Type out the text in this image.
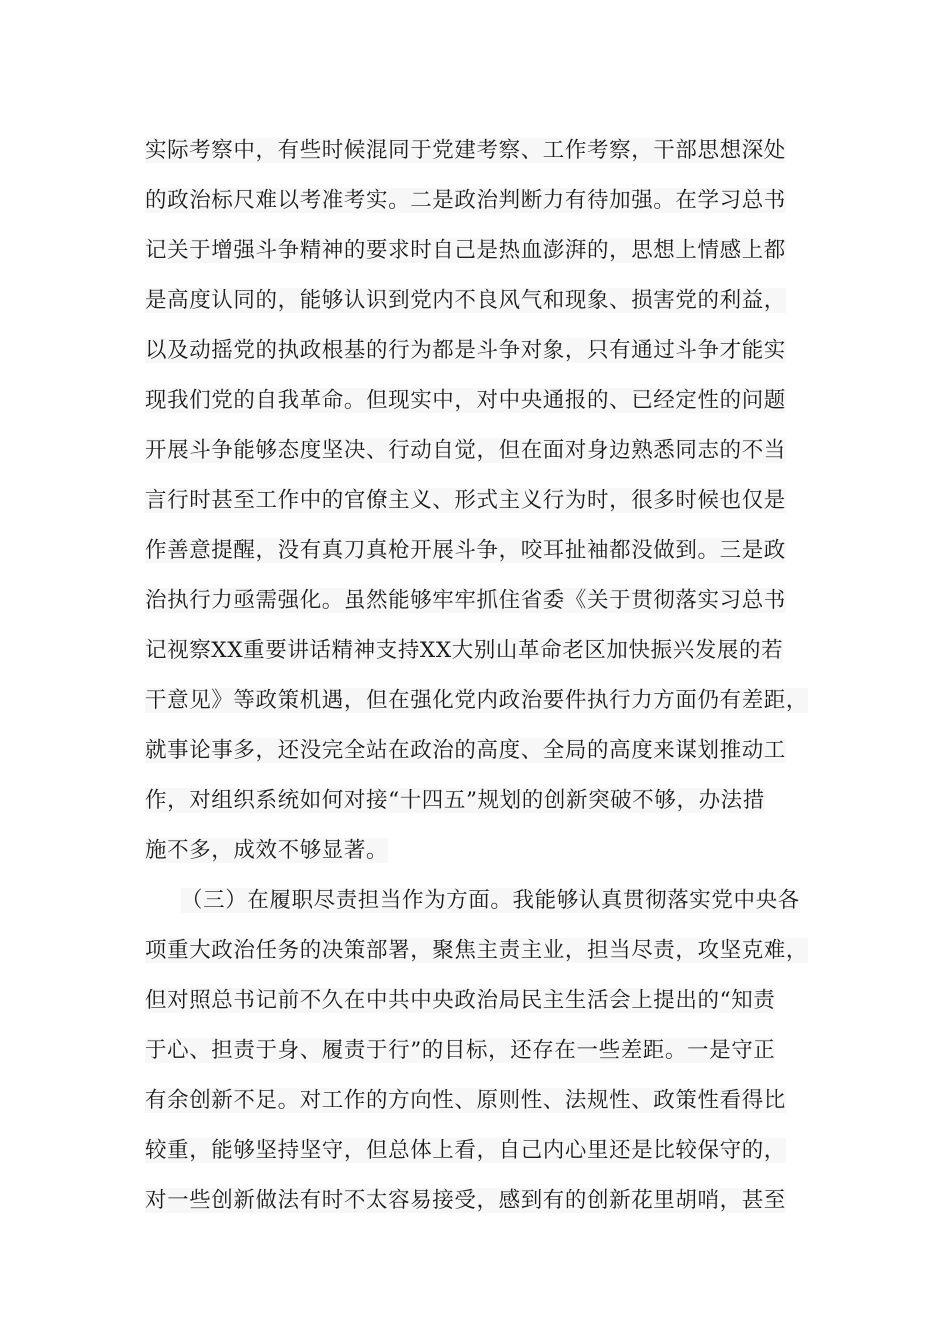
实际考察中，有些时候混同于党建考察、工作考察，干部思想深处
的政治标尺难以考准考实。二是政治判断力有待加强。在学习总书
记关于增强斗争精神的要求时自己是热血澎湃的，思想上情感上都
是高度认同的，能够认识到党内不良风气和现象、损害党的利益，
以及动摇党的执政根基的行为都是斗争对象，只有通过斗争才能实
现我们党的自我革命。但现实中，对中央通报的、已经定性的问题
开展斗争能够态度坚决、行动自觉，但在面对身边熟悉同志的不当
言行时甚至工作中的官僚主义、形式主义行为时，很多时候也仅是
作善意提醒，没有真刀真枪开展斗争，咬耳扯袖都没做到。三是政
治执行力亟需强化。虽然能够牢牢抓住省委《关于贯彻落实习总书
记视察XX重要讲话精神支持XX大别山革命老区加快振兴发展的若
干意见》等政策机遇，但在强化党内政治要件执行力方面仍有差距，
就事论事多，还没完全站在政治的高度、全局的高度来谋划推动工
作，对组织系统如何对接“十四五”规划的创新突破不够，办法措
施不多，成效不够显著。
（三）在履职尽责担当作为方面。我能够认真贯彻落实党中央各
项重大政治任务的决策部署，聚焦主责主业，担当尽责，攻坚克难，
但对照总书记前不久在中共中央政治局民主生活会上提出的“知责
于心、担责于身、履责于行”的目标，还存在一些差距。一是守正
有余创新不足。对工作的方向性、原则性、法规性、政策性看得比
较重，能够坚持坚守，但总体上看，自己内心里还是比较保守的，
对一些创新做法有时不太容易接受，感到有的创新花里胡哨，甚至
